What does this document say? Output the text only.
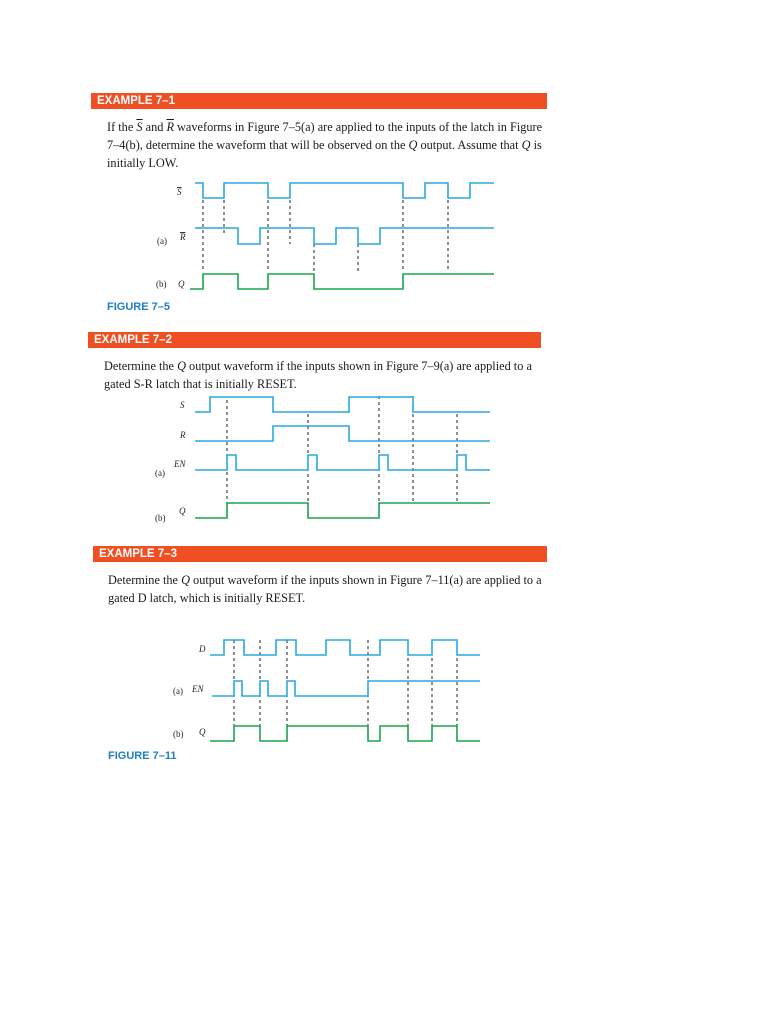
EXAMPLE 7–1

If the $\overline{S}$ and $\overline{R}$ waveforms in Figure 7–5(a) are applied to the inputs of the latch in Figure 7–4(b), determine the waveform that will be observed on the Q output. Assume that Q is initially LOW.

S
(a) R
(b) Q
FIGURE 7–5
EXAMPLE 7–2

Determine the Q output waveform if the inputs shown in Figure 7–9(a) are applied to a gated S-R latch that is initially RESET.

S
R
EN
(a)
(b)
Q
EXAMPLE 7–3

Determine the Q output waveform if the inputs shown in Figure 7–11(a) are applied to a gated D latch, which is initially RESET.

D
(a) EN
(b) Q
FIGURE 7–11
